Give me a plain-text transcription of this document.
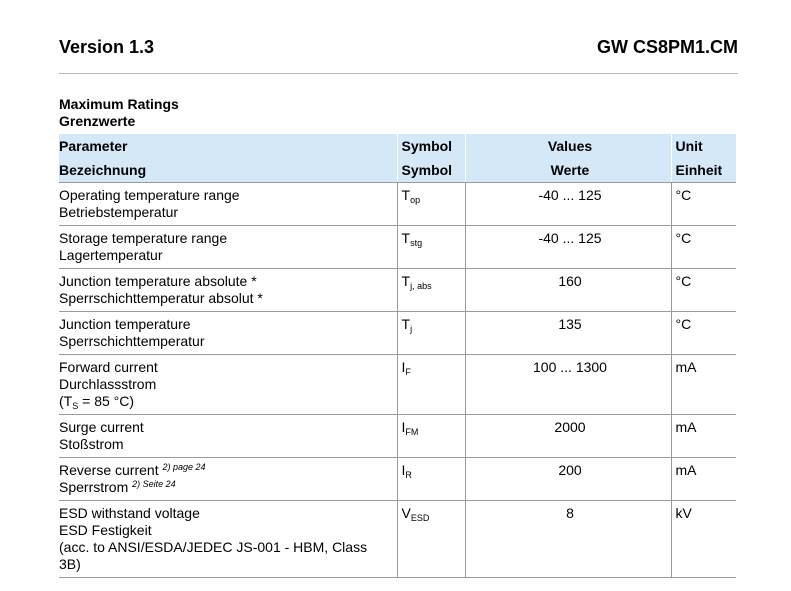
Version 1.3	GW CS8PM1.CM
Maximum Ratings
Grenzwerte
Parameter	Symbol	Values	Unit
Bezeichnung	Symbol	Werte	Einheit

Operating temperature range
Betriebstemperatur	$T_{op}$	-40 ... 125	°C

Storage temperature range
Lagertemperatur	$T_{stg}$	-40 ... 125	°C

Junction temperature absolute *
Sperrschichttemperatur absolut *	$T_{j, abs}$	160	°C

Junction temperature
Sperrschichttemperatur	$T_j$	135	°C

Forward current
Durchlassstrom
($T_S = 85$ °C)	$I_F$	100 ... 1300	mA

Surge current
Stoßstrom	$I_{FM}$	2000	mA

Reverse current $^{2) page 24}$
Sperrstrom $^{2) Seite 24}$	$I_R$	200	mA

ESD withstand voltage
ESD Festigkeit
(acc. to ANSI/ESDA/JEDEC JS-001 - HBM, Class
3B)	$V_{ESD}$	8	kV
